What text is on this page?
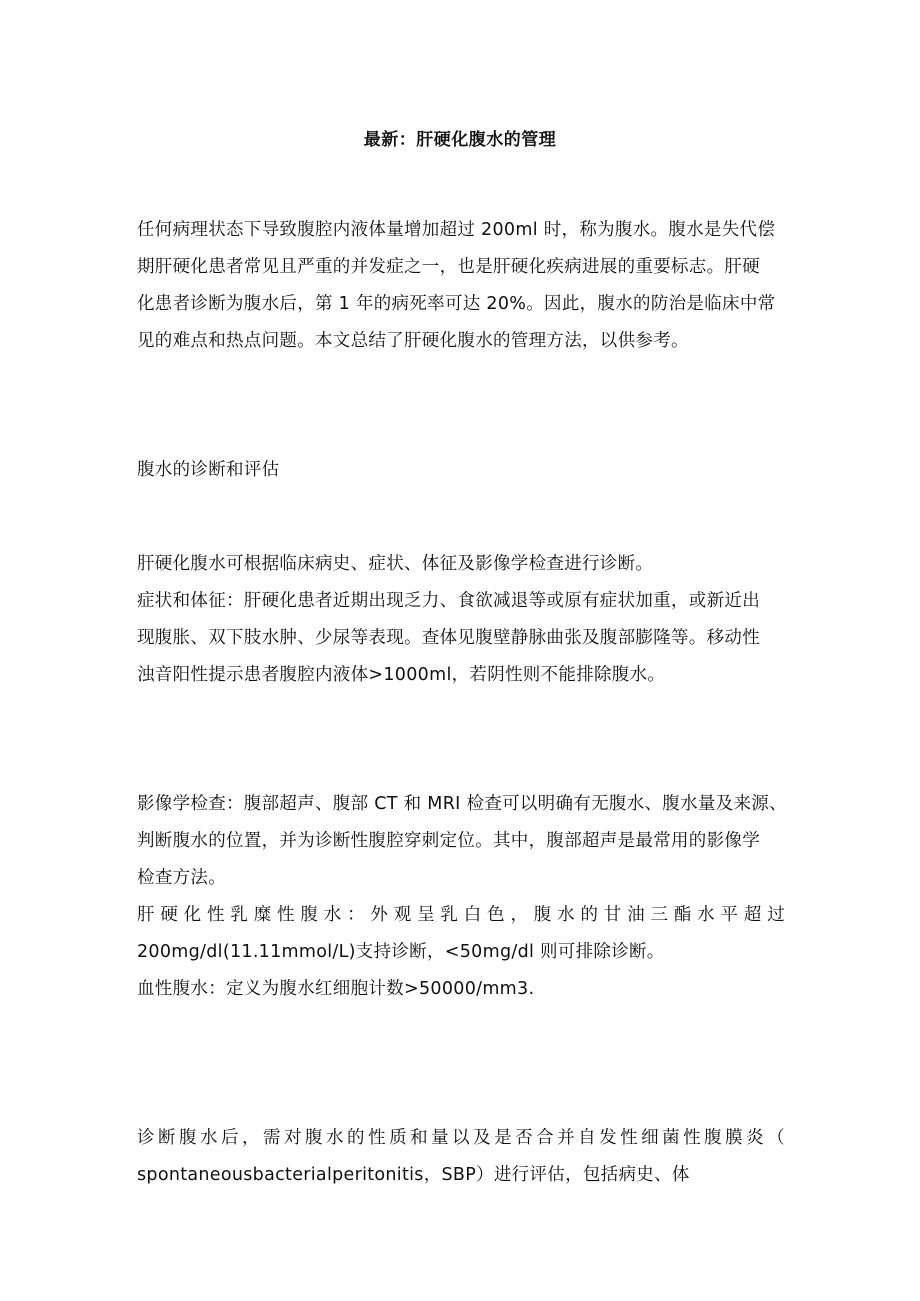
最新：肝硬化腹水的管理
任何病理状态下导致腹腔内液体量增加超过 200ml 时，称为腹水。腹水是失代偿
期肝硬化患者常见且严重的并发症之一，也是肝硬化疾病进展的重要标志。肝硬
化患者诊断为腹水后，第 1 年的病死率可达 20%。因此，腹水的防治是临床中常
见的难点和热点问题。本文总结了肝硬化腹水的管理方法，以供参考。
腹水的诊断和评估
肝硬化腹水可根据临床病史、症状、体征及影像学检查进行诊断。
症状和体征：肝硬化患者近期出现乏力、食欲减退等或原有症状加重，或新近出
现腹胀、双下肢水肿、少尿等表现。查体见腹壁静脉曲张及腹部膨隆等。移动性
浊音阳性提示患者腹腔内液体>1000ml，若阴性则不能排除腹水。
影像学检查：腹部超声、腹部 CT 和 MRI 检查可以明确有无腹水、腹水量及来源、
判断腹水的位置，并为诊断性腹腔穿刺定位。其中，腹部超声是最常用的影像学
检查方法。
肝硬化性乳糜性腹水：外观呈乳白色，腹水的甘油三酯水平超过
200mg/dl(11.11mmol/L)支持诊断，<50mg/dl 则可排除诊断。
血性腹水：定义为腹水红细胞计数>50000/mm3.
诊断腹水后，需对腹水的性质和量以及是否合并自发性细菌性腹膜炎（
spontaneousbacterialperitonitis，SBP）进行评估，包括病史、体
